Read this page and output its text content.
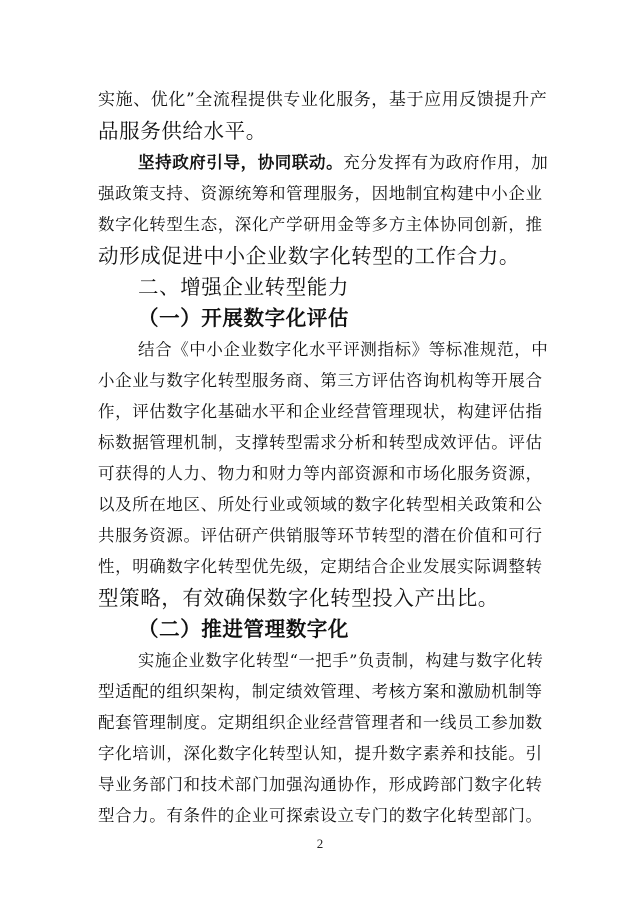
实施、优化”全流程提供专业化服务，基于应用反馈提升产
品服务供给水平。
坚持政府引导，协同联动。充分发挥有为政府作用，加
强政策支持、资源统筹和管理服务，因地制宜构建中小企业
数字化转型生态，深化产学研用金等多方主体协同创新，推
动形成促进中小企业数字化转型的工作合力。
二、增强企业转型能力
（一）开展数字化评估
结合《中小企业数字化水平评测指标》等标准规范，中
小企业与数字化转型服务商、第三方评估咨询机构等开展合
作，评估数字化基础水平和企业经营管理现状，构建评估指
标数据管理机制，支撑转型需求分析和转型成效评估。评估
可获得的人力、物力和财力等内部资源和市场化服务资源，
以及所在地区、所处行业或领域的数字化转型相关政策和公
共服务资源。评估研产供销服等环节转型的潜在价值和可行
性，明确数字化转型优先级，定期结合企业发展实际调整转
型策略，有效确保数字化转型投入产出比。
（二）推进管理数字化
实施企业数字化转型“一把手”负责制，构建与数字化转
型适配的组织架构，制定绩效管理、考核方案和激励机制等
配套管理制度。定期组织企业经营管理者和一线员工参加数
字化培训，深化数字化转型认知，提升数字素养和技能。引
导业务部门和技术部门加强沟通协作，形成跨部门数字化转
型合力。有条件的企业可探索设立专门的数字化转型部门。
2
